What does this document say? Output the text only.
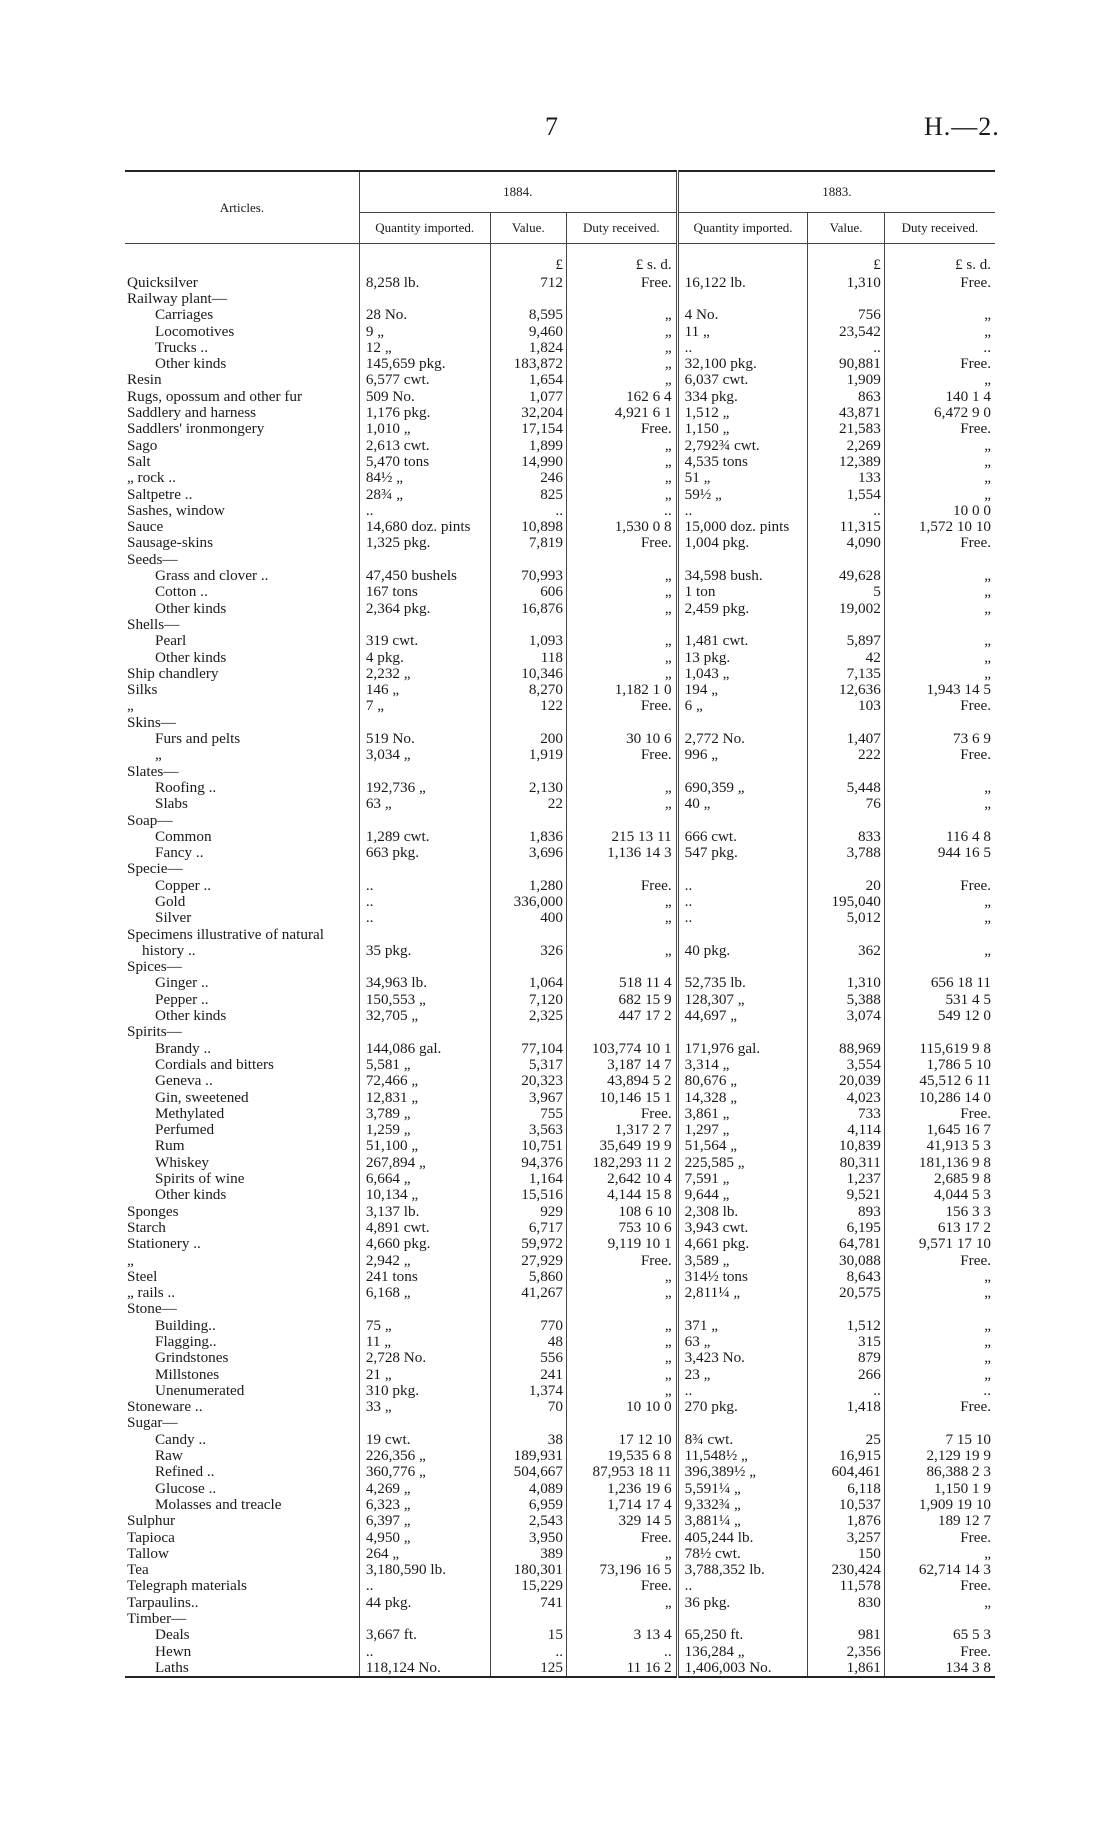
7	H.—2.
Articles.	1884.			1883.		
	Quantity imported.	Value.	Duty received.	Quantity imported.	Value.	Duty received.
		£	£ s. d.		£	£ s. d.
Quicksilver	8,258 lb.	712	Free.	16,122 lb.	1,310	Free.
Railway plant—						
Carriages	28 No.	8,595	„	4 No.	756	„
Locomotives	9 „	9,460	„	11 „	23,542	„
Trucks ..	12 „	1,824	„	..	..	..
Other kinds	145,659 pkg.	183,872	„	32,100 pkg.	90,881	Free.
Resin	6,577 cwt.	1,654	„	6,037 cwt.	1,909	„
Rugs, opossum and other fur	509 No.	1,077	162 6 4	334 pkg.	863	140 1 4
Saddlery and harness	1,176 pkg.	32,204	4,921 6 1	1,512 „	43,871	6,472 9 0
Saddlers' ironmongery	1,010 „	17,154	Free.	1,150 „	21,583	Free.
Sago	2,613 cwt.	1,899	„	2,792¾ cwt.	2,269	„
Salt	5,470 tons	14,990	„	4,535 tons	12,389	„
„ rock ..	84½ „	246	„	51 „	133	„
Saltpetre ..	28¾ „	825	„	59½ „	1,554	„
Sashes, window	..	..	..	..	..	10 0 0
Sauce	14,680 doz. pints	10,898	1,530 0 8	15,000 doz. pints	11,315	1,572 10 10
Sausage-skins	1,325 pkg.	7,819	Free.	1,004 pkg.	4,090	Free.
Seeds—						
Grass and clover ..	47,450 bushels	70,993	„	34,598 bush.	49,628	„
Cotton ..	167 tons	606	„	1 ton	5	„
Other kinds	2,364 pkg.	16,876	„	2,459 pkg.	19,002	„
Shells—						
Pearl	319 cwt.	1,093	„	1,481 cwt.	5,897	„
Other kinds	4 pkg.	118	„	13 pkg.	42	„
Ship chandlery	2,232 „	10,346	„	1,043 „	7,135	„
Silks	146 „	8,270	1,182 1 0	194 „	12,636	1,943 14 5
„	7 „	122	Free.	6 „	103	Free.
Skins—						
Furs and pelts	519 No.	200	30 10 6	2,772 No.	1,407	73 6 9
„	3,034 „	1,919	Free.	996 „	222	Free.
Slates—						
Roofing ..	192,736 „	2,130	„	690,359 „	5,448	„
Slabs	63 „	22	„	40 „	76	„
Soap—						
Common	1,289 cwt.	1,836	215 13 11	666 cwt.	833	116 4 8
Fancy ..	663 pkg.	3,696	1,136 14 3	547 pkg.	3,788	944 16 5
Specie—						
Copper ..	..	1,280	Free.	..	20	Free.
Gold	..	336,000	„	..	195,040	„
Silver	..	400	„	..	5,012	„
Specimens illustrative of natural						
history ..	35 pkg.	326	„	40 pkg.	362	„
Spices—						
Ginger ..	34,963 lb.	1,064	518 11 4	52,735 lb.	1,310	656 18 11
Pepper ..	150,553 „	7,120	682 15 9	128,307 „	5,388	531 4 5
Other kinds	32,705 „	2,325	447 17 2	44,697 „	3,074	549 12 0
Spirits—						
Brandy ..	144,086 gal.	77,104	103,774 10 1	171,976 gal.	88,969	115,619 9 8
Cordials and bitters	5,581 „	5,317	3,187 14 7	3,314 „	3,554	1,786 5 10
Geneva ..	72,466 „	20,323	43,894 5 2	80,676 „	20,039	45,512 6 11
Gin, sweetened	12,831 „	3,967	10,146 15 1	14,328 „	4,023	10,286 14 0
Methylated	3,789 „	755	Free.	3,861 „	733	Free.
Perfumed	1,259 „	3,563	1,317 2 7	1,297 „	4,114	1,645 16 7
Rum	51,100 „	10,751	35,649 19 9	51,564 „	10,839	41,913 5 3
Whiskey	267,894 „	94,376	182,293 11 2	225,585 „	80,311	181,136 9 8
Spirits of wine	6,664 „	1,164	2,642 10 4	7,591 „	1,237	2,685 9 8
Other kinds	10,134 „	15,516	4,144 15 8	9,644 „	9,521	4,044 5 3
Sponges	3,137 lb.	929	108 6 10	2,308 lb.	893	156 3 3
Starch	4,891 cwt.	6,717	753 10 6	3,943 cwt.	6,195	613 17 2
Stationery ..	4,660 pkg.	59,972	9,119 10 1	4,661 pkg.	64,781	9,571 17 10
„	2,942 „	27,929	Free.	3,589 „	30,088	Free.
Steel	241 tons	5,860	„	314½ tons	8,643	„
„ rails ..	6,168 „	41,267	„	2,811¼ „	20,575	„
Stone—						
Building..	75 „	770	„	371 „	1,512	„
Flagging..	11 „	48	„	63 „	315	„
Grindstones	2,728 No.	556	„	3,423 No.	879	„
Millstones	21 „	241	„	23 „	266	„
Unenumerated	310 pkg.	1,374	„	..	..	..
Stoneware ..	33 „	70	10 10 0	270 pkg.	1,418	Free.
Sugar—						
Candy ..	19 cwt.	38	17 12 10	8¾ cwt.	25	7 15 10
Raw	226,356 „	189,931	19,535 6 8	11,548½ „	16,915	2,129 19 9
Refined ..	360,776 „	504,667	87,953 18 11	396,389½ „	604,461	86,388 2 3
Glucose ..	4,269 „	4,089	1,236 19 6	5,591¼ „	6,118	1,150 1 9
Molasses and treacle	6,323 „	6,959	1,714 17 4	9,332¾ „	10,537	1,909 19 10
Sulphur	6,397 „	2,543	329 14 5	3,881¼ „	1,876	189 12 7
Tapioca	4,950 „	3,950	Free.	405,244 lb.	3,257	Free.
Tallow	264 „	389	„	78½ cwt.	150	„
Tea	3,180,590 lb.	180,301	73,196 16 5	3,788,352 lb.	230,424	62,714 14 3
Telegraph materials	..	15,229	Free.	..	11,578	Free.
Tarpaulins..	44 pkg.	741	„	36 pkg.	830	„
Timber—						
Deals	3,667 ft.	15	3 13 4	65,250 ft.	981	65 5 3
Hewn	..	..	..	136,284 „	2,356	Free.
Laths	118,124 No.	125	11 16 2	1,406,003 No.	1,861	134 3 8
